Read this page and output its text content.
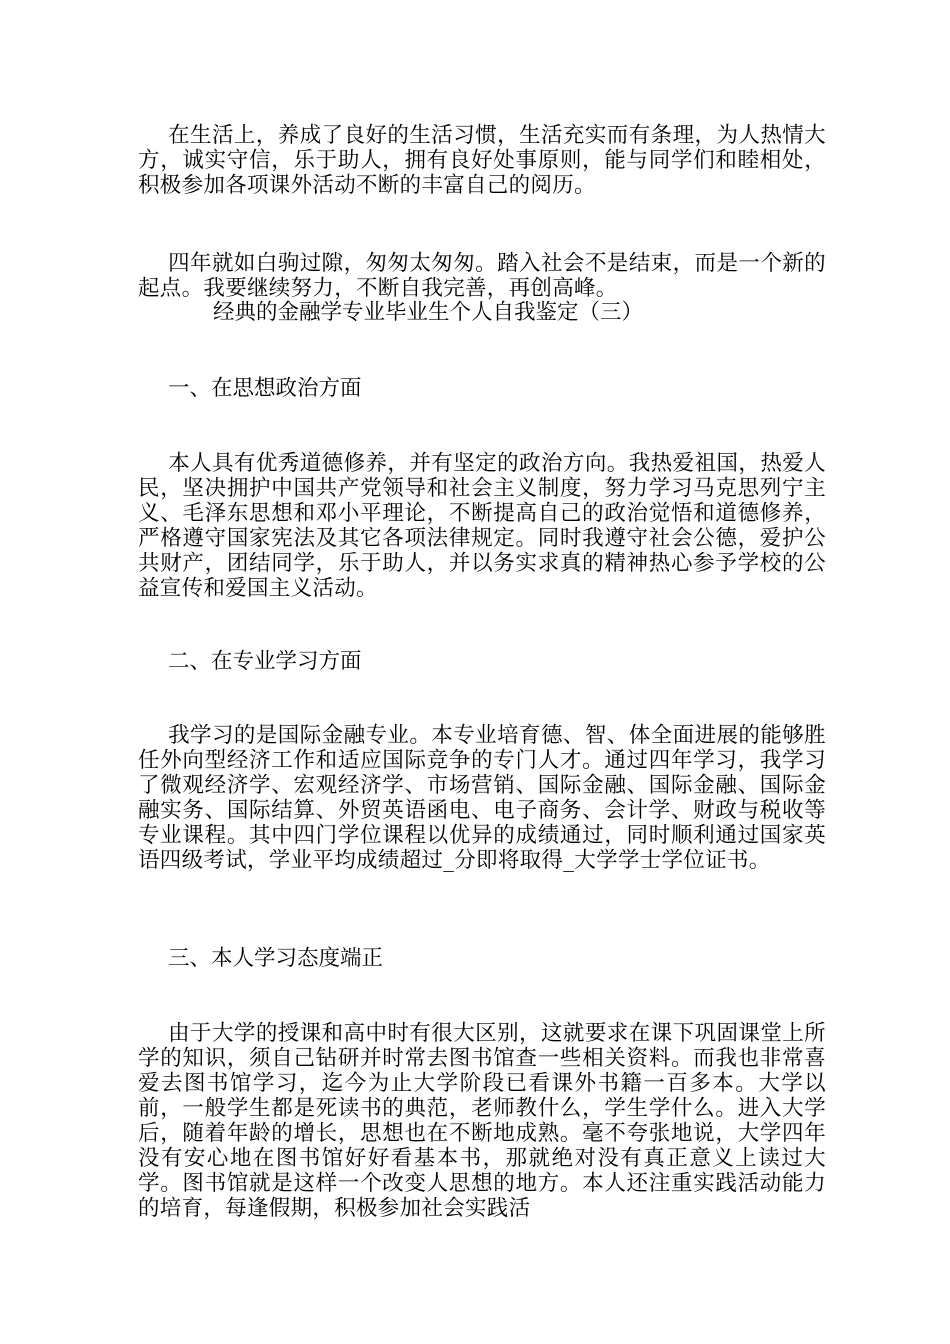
在生活上，养成了良好的生活习惯，生活充实而有条理，为人热情大方，诚实守信，乐于助人，拥有良好处事原则，能与同学们和睦相处，积极参加各项课外活动不断的丰富自己的阅历。

四年就如白驹过隙，匆匆太匆匆。踏入社会不是结束，而是一个新的起点。我要继续努力，不断自我完善，再创高峰。

经典的金融学专业毕业生个人自我鉴定（三）
一、在思想政治方面

本人具有优秀道德修养，并有坚定的政治方向。我热爱祖国，热爱人民，坚决拥护中国共产党领导和社会主义制度，努力学习马克思列宁主义、毛泽东思想和邓小平理论，不断提高自己的政治觉悟和道德修养，严格遵守国家宪法及其它各项法律规定。同时我遵守社会公德，爱护公共财产，团结同学，乐于助人，并以务实求真的精神热心参予学校的公益宣传和爱国主义活动。

二、在专业学习方面

我学习的是国际金融专业。本专业培育德、智、体全面进展的能够胜任外向型经济工作和适应国际竞争的专门人才。通过四年学习，我学习了微观经济学、宏观经济学、市场营销、国际金融、国际金融、国际金融实务、国际结算、外贸英语函电、电子商务、会计学、财政与税收等专业课程。其中四门学位课程以优异的成绩通过，同时顺利通过国家英语四级考试，学业平均成绩超过_分即将取得_大学学士学位证书。

三、本人学习态度端正

由于大学的授课和高中时有很大区别，这就要求在课下巩固课堂上所学的知识，须自己钻研并时常去图书馆查一些相关资料。而我也非常喜爱去图书馆学习，迄今为止大学阶段已看课外书籍一百多本。大学以前，一般学生都是死读书的典范，老师教什么，学生学什么。进入大学后，随着年龄的增长，思想也在不断地成熟。毫不夸张地说，大学四年没有安心地在图书馆好好看基本书，那就绝对没有真正意义上读过大学。图书馆就是这样一个改变人思想的地方。本人还注重实践活动能力的培育，每逢假期，积极参加社会实践活
